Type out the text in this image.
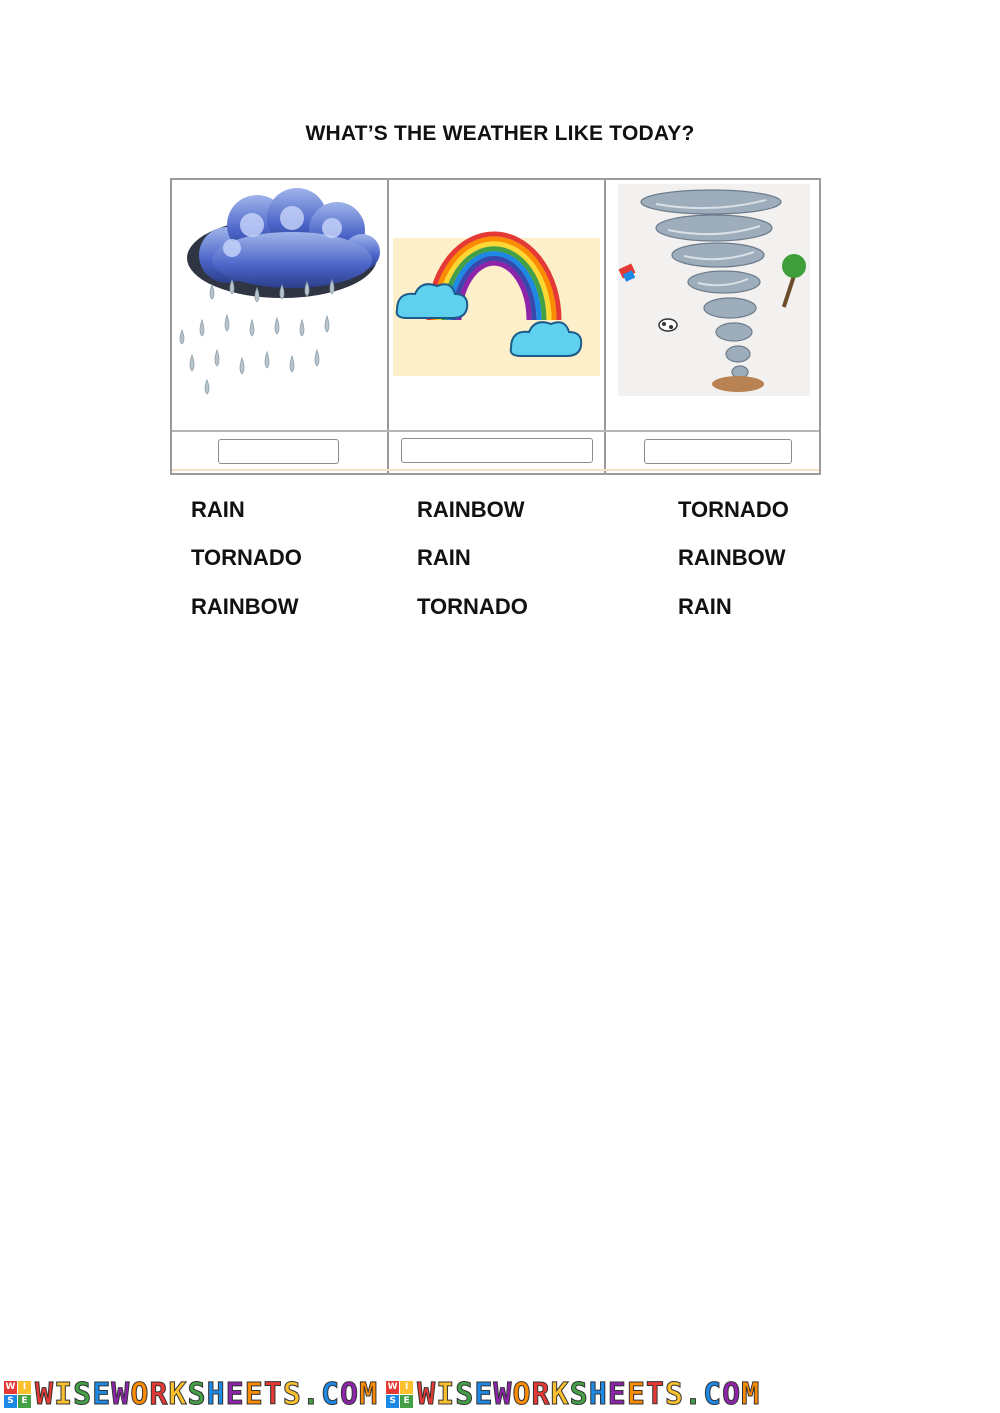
WHAT’S THE WEATHER LIKE TODAY?
RAIN
TORNADO
RAINBOW
RAINBOW
RAIN
TORNADO
TORNADO
RAINBOW
RAIN
W I
S E WISEWORKSHEETS.COM W I
S E WISEWORKSHEETS.COM
